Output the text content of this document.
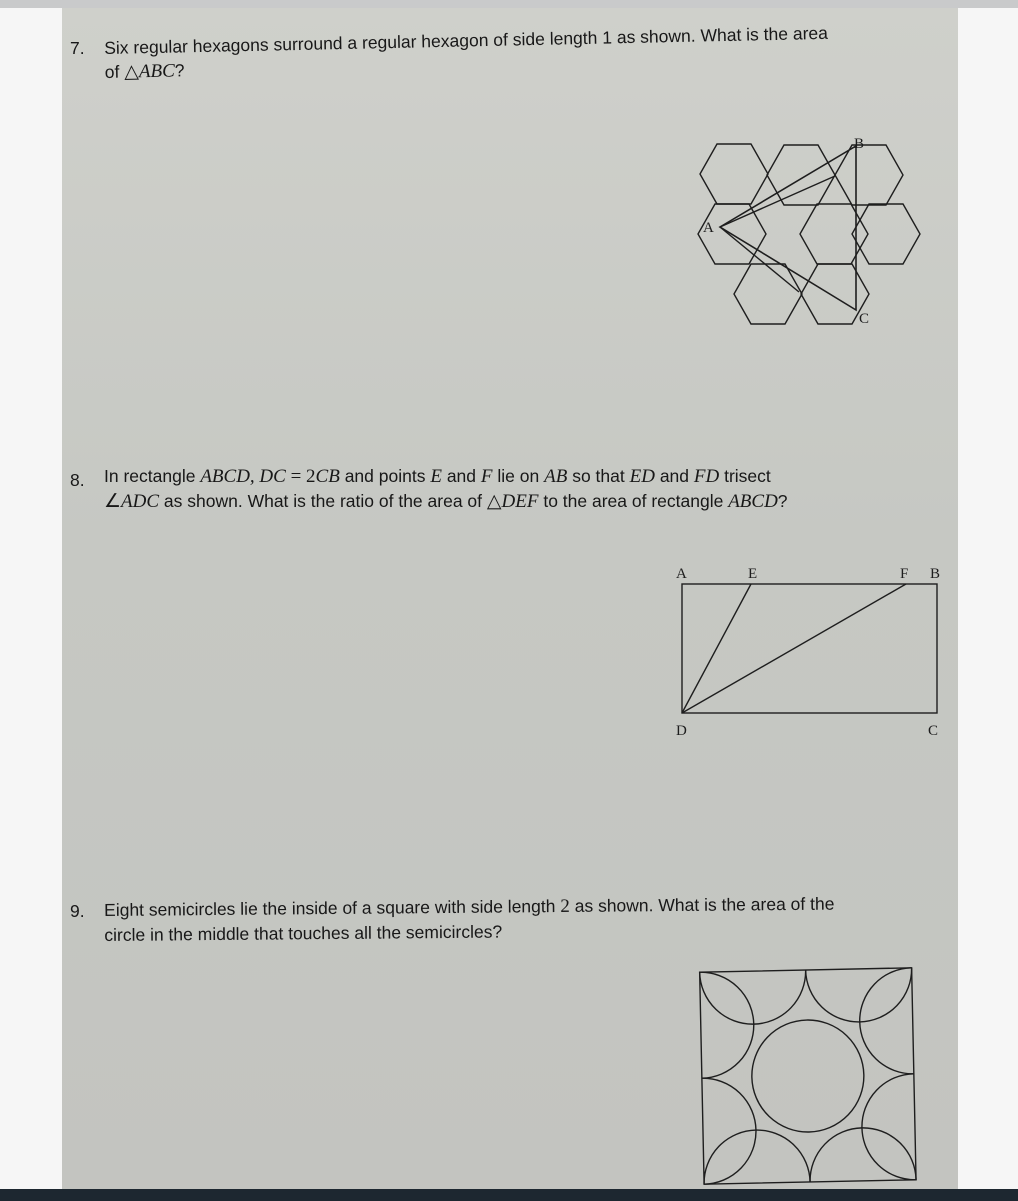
7. Six regular hexagons surround a regular hexagon of side length 1 as shown. What is the area
of △ABC?
A
B
C
8. In rectangle ABCD, DC = 2CB and points E and F lie on AB so that ED and FD trisect
∠ADC as shown. What is the ratio of the area of △DEF to the area of rectangle ABCD?
A	E	F B
D	C
9. Eight semicircles lie the inside of a square with side length 2 as shown. What is the area of the
circle in the middle that touches all the semicircles?
